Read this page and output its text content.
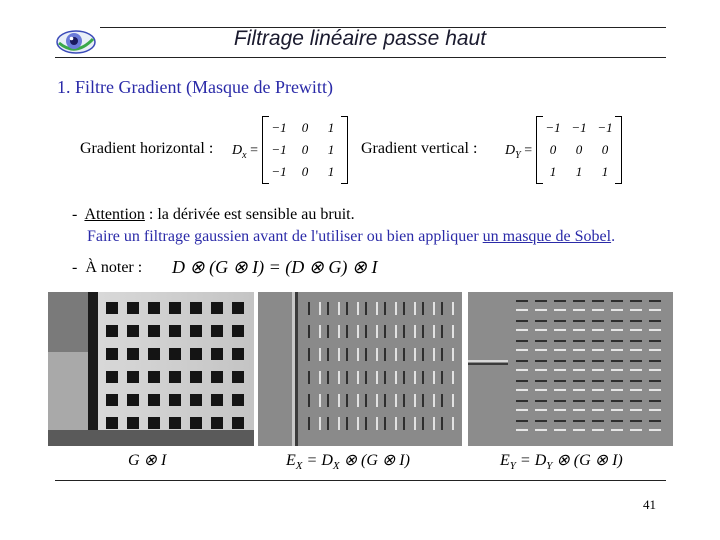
Filtrage linéaire passe haut
1. Filtre Gradient (Masque de Prewitt)
Gradient horizontal : $D_x$ =
−1	0	1
−1	0	1
−1	0	1
Gradient vertical : $D_Y$ =
−1 −1 −1
0	0	0
1	1	1
- Attention : la dérivée est sensible au bruit.
Faire un filtrage gaussien avant de l'utiliser ou bien appliquer un masque de Sobel.
- À noter : D ⊗ (G ⊗ I) = (D ⊗ G) ⊗ I
G ⊗ I	$E_X = D_X$ ⊗ (G ⊗ I)	$E_Y = D_Y$ ⊗ (G ⊗ I)
41
